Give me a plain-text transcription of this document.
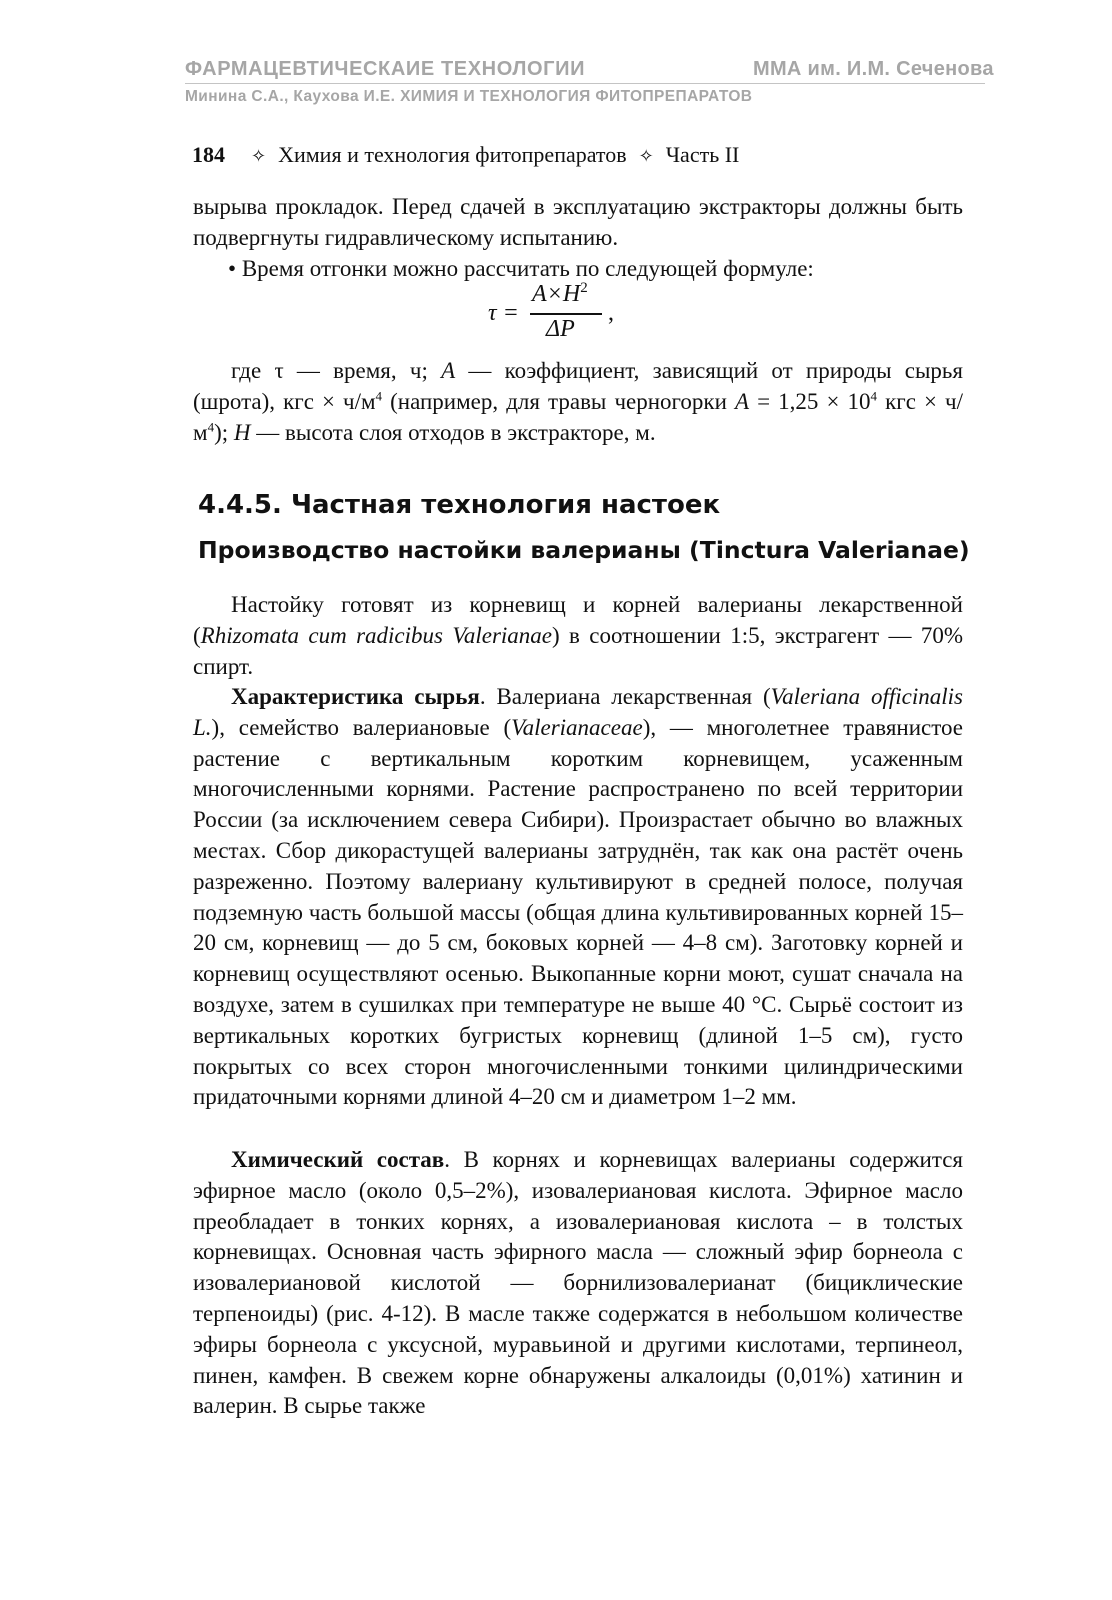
ФАРМАЦЕВТИЧЕСКАИЕ ТЕХНОЛОГИИ	ММА им. И.М. Сеченова
Минина С.А., Каухова И.Е. ХИМИЯ И ТЕХНОЛОГИЯ ФИТОПРЕПАРАТОВ
184 ✧ Химия и технология фитопрепаратов ✧ Часть II

вырыва прокладок. Перед сдачей в эксплуатацию экстракторы должны быть подвергнуты гидравлическому испытанию.

• Время отгонки можно рассчитать по следующей формуле:

τ =
$A\times H^2$
ΔP
,

где τ — время, ч; A — коэффициент, зависящий от природы сырья (шрота), кгс × $ч/м^4$ (например, для травы черногорки $A = 1,25 \times 10^4$ кгс × $ч/м^4$); H — высота слоя отходов в экстракторе, м.

4.4.5. Частная технология настоек
Производство настойки валерианы (Tinctura Valerianae)

Настойку готовят из корневищ и корней валерианы лекарственной (Rhizomata cum radicibus Valerianae) в соотношении 1:5, экстрагент — 70% спирт.

Характеристика сырья. Валериана лекарственная (Valeriana officinalis L.), семейство валериановые (Valerianaceae), — многолетнее травянистое растение с вертикальным коротким корневищем, усаженным многочисленными корнями. Растение распространено по всей территории России (за исключением севера Сибири). Произрастает обычно во влажных местах. Сбор дикорастущей валерианы затруднён, так как она растёт очень разреженно. Поэтому валериану культивируют в средней полосе, получая подземную часть большой массы (общая длина культивированных корней 15–20 см, корневищ — до 5 см, боковых корней — 4–8 см). Заготовку корней и корневищ осуществляют осенью. Выкопанные корни моют, сушат сначала на воздухе, затем в сушилках при температуре не выше 40 °C. Сырьё состоит из вертикальных коротких бугристых корневищ (длиной 1–5 см), густо покрытых со всех сторон многочисленными тонкими цилиндрическими придаточными корнями длиной 4–20 см и диаметром 1–2 мм.

Химический состав. В корнях и корневищах валерианы содержится эфирное масло (около 0,5–2%), изовалериановая кислота. Эфирное масло преобладает в тонких корнях, а изовалериановая кислота – в толстых корневищах. Основная часть эфирного масла — сложный эфир борнеола с изовалериановой кислотой — борнилизовалерианат (бициклические терпеноиды) (рис. 4-12). В масле также содержатся в небольшом количестве эфиры борнеола с уксусной, муравьиной и другими кислотами, терпинеол, пинен, камфен. В свежем корне обнаружены алкалоиды (0,01%) хатинин и валерин. В сырье также
